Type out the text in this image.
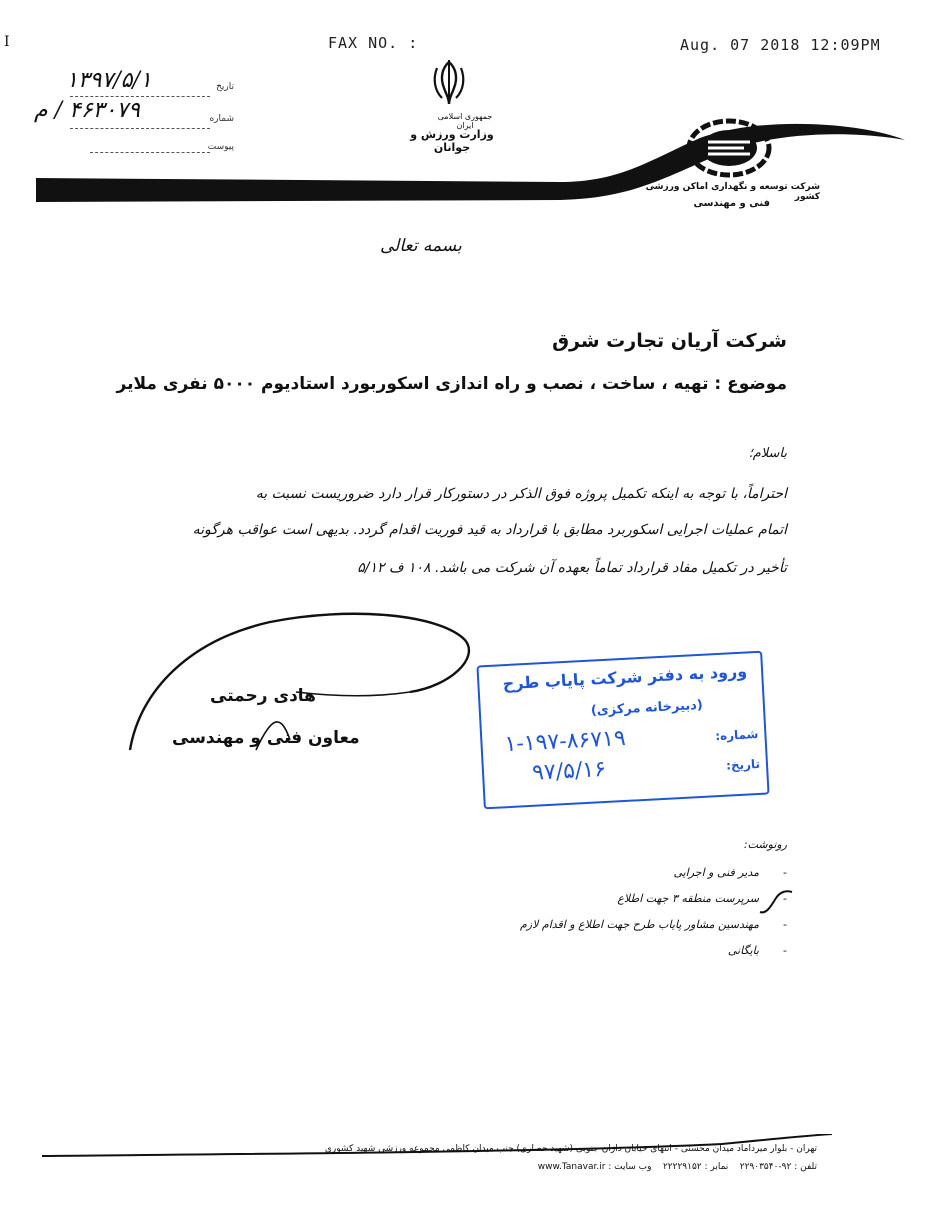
I	FAX NO. :	Aug. 07 2018 12:09PM
تاریخ
۱۳۹۷/۵/۱
شماره
۴۶۳۰۷۹ / م
پیوست
جمهوری اسلامی ایران
وزارت ورزش و جوانان
شرکت توسعه و نگهداری اماکن ورزشی کشور
فنی و مهندسی
بسمه تعالی
شرکت آریان تجارت شرق
موضوع : تهیه ، ساخت ، نصب و راه اندازی اسکوربورد استادیوم ۵۰۰۰ نفری ملایر
باسلام؛
احتراماً، با توجه به اینکه تکمیل پروژه فوق الذکر در دستورکار قرار دارد ضروریست نسبت به
اتمام عملیات اجرایی اسکوربرد مطابق با قرارداد به قید فوریت اقدام گردد. بدیهی است عواقب هرگونه
تأخیر در تکمیل مفاد قرارداد تماماً بعهده آن شرکت می باشد. ۱۰۸ ف ۵/۱۲
هادی رحمتی
معاون فنی و مهندسی
ورود به دفتر شرکت پایاب طرح
(دبیرخانه مرکزی)
شماره:
۱-۱۹۷-۸۶۷۱۹
تاریخ:
۹۷/۵/۱۶
رونوشت:
-
مدیر فنی و اجرایی
-
سرپرست منطقه ۳ جهت اطلاع
-
مهندسین مشاور پایاب طرح جهت اطلاع و اقدام لازم
-
بایگانی
تهران - بلوار میرداماد میدان محسنی - انتهای خیابان دازان جنوبی (شهید حصاری) جنب میدان کاظمی مجموعه ورزشی شهید کشوری
تلفن : ۹۲-۲۲۹۰۳۵۴۰    نمابر : ۲۲۲۲۹۱۵۲    وب سایت : www.Tanavar.ir
